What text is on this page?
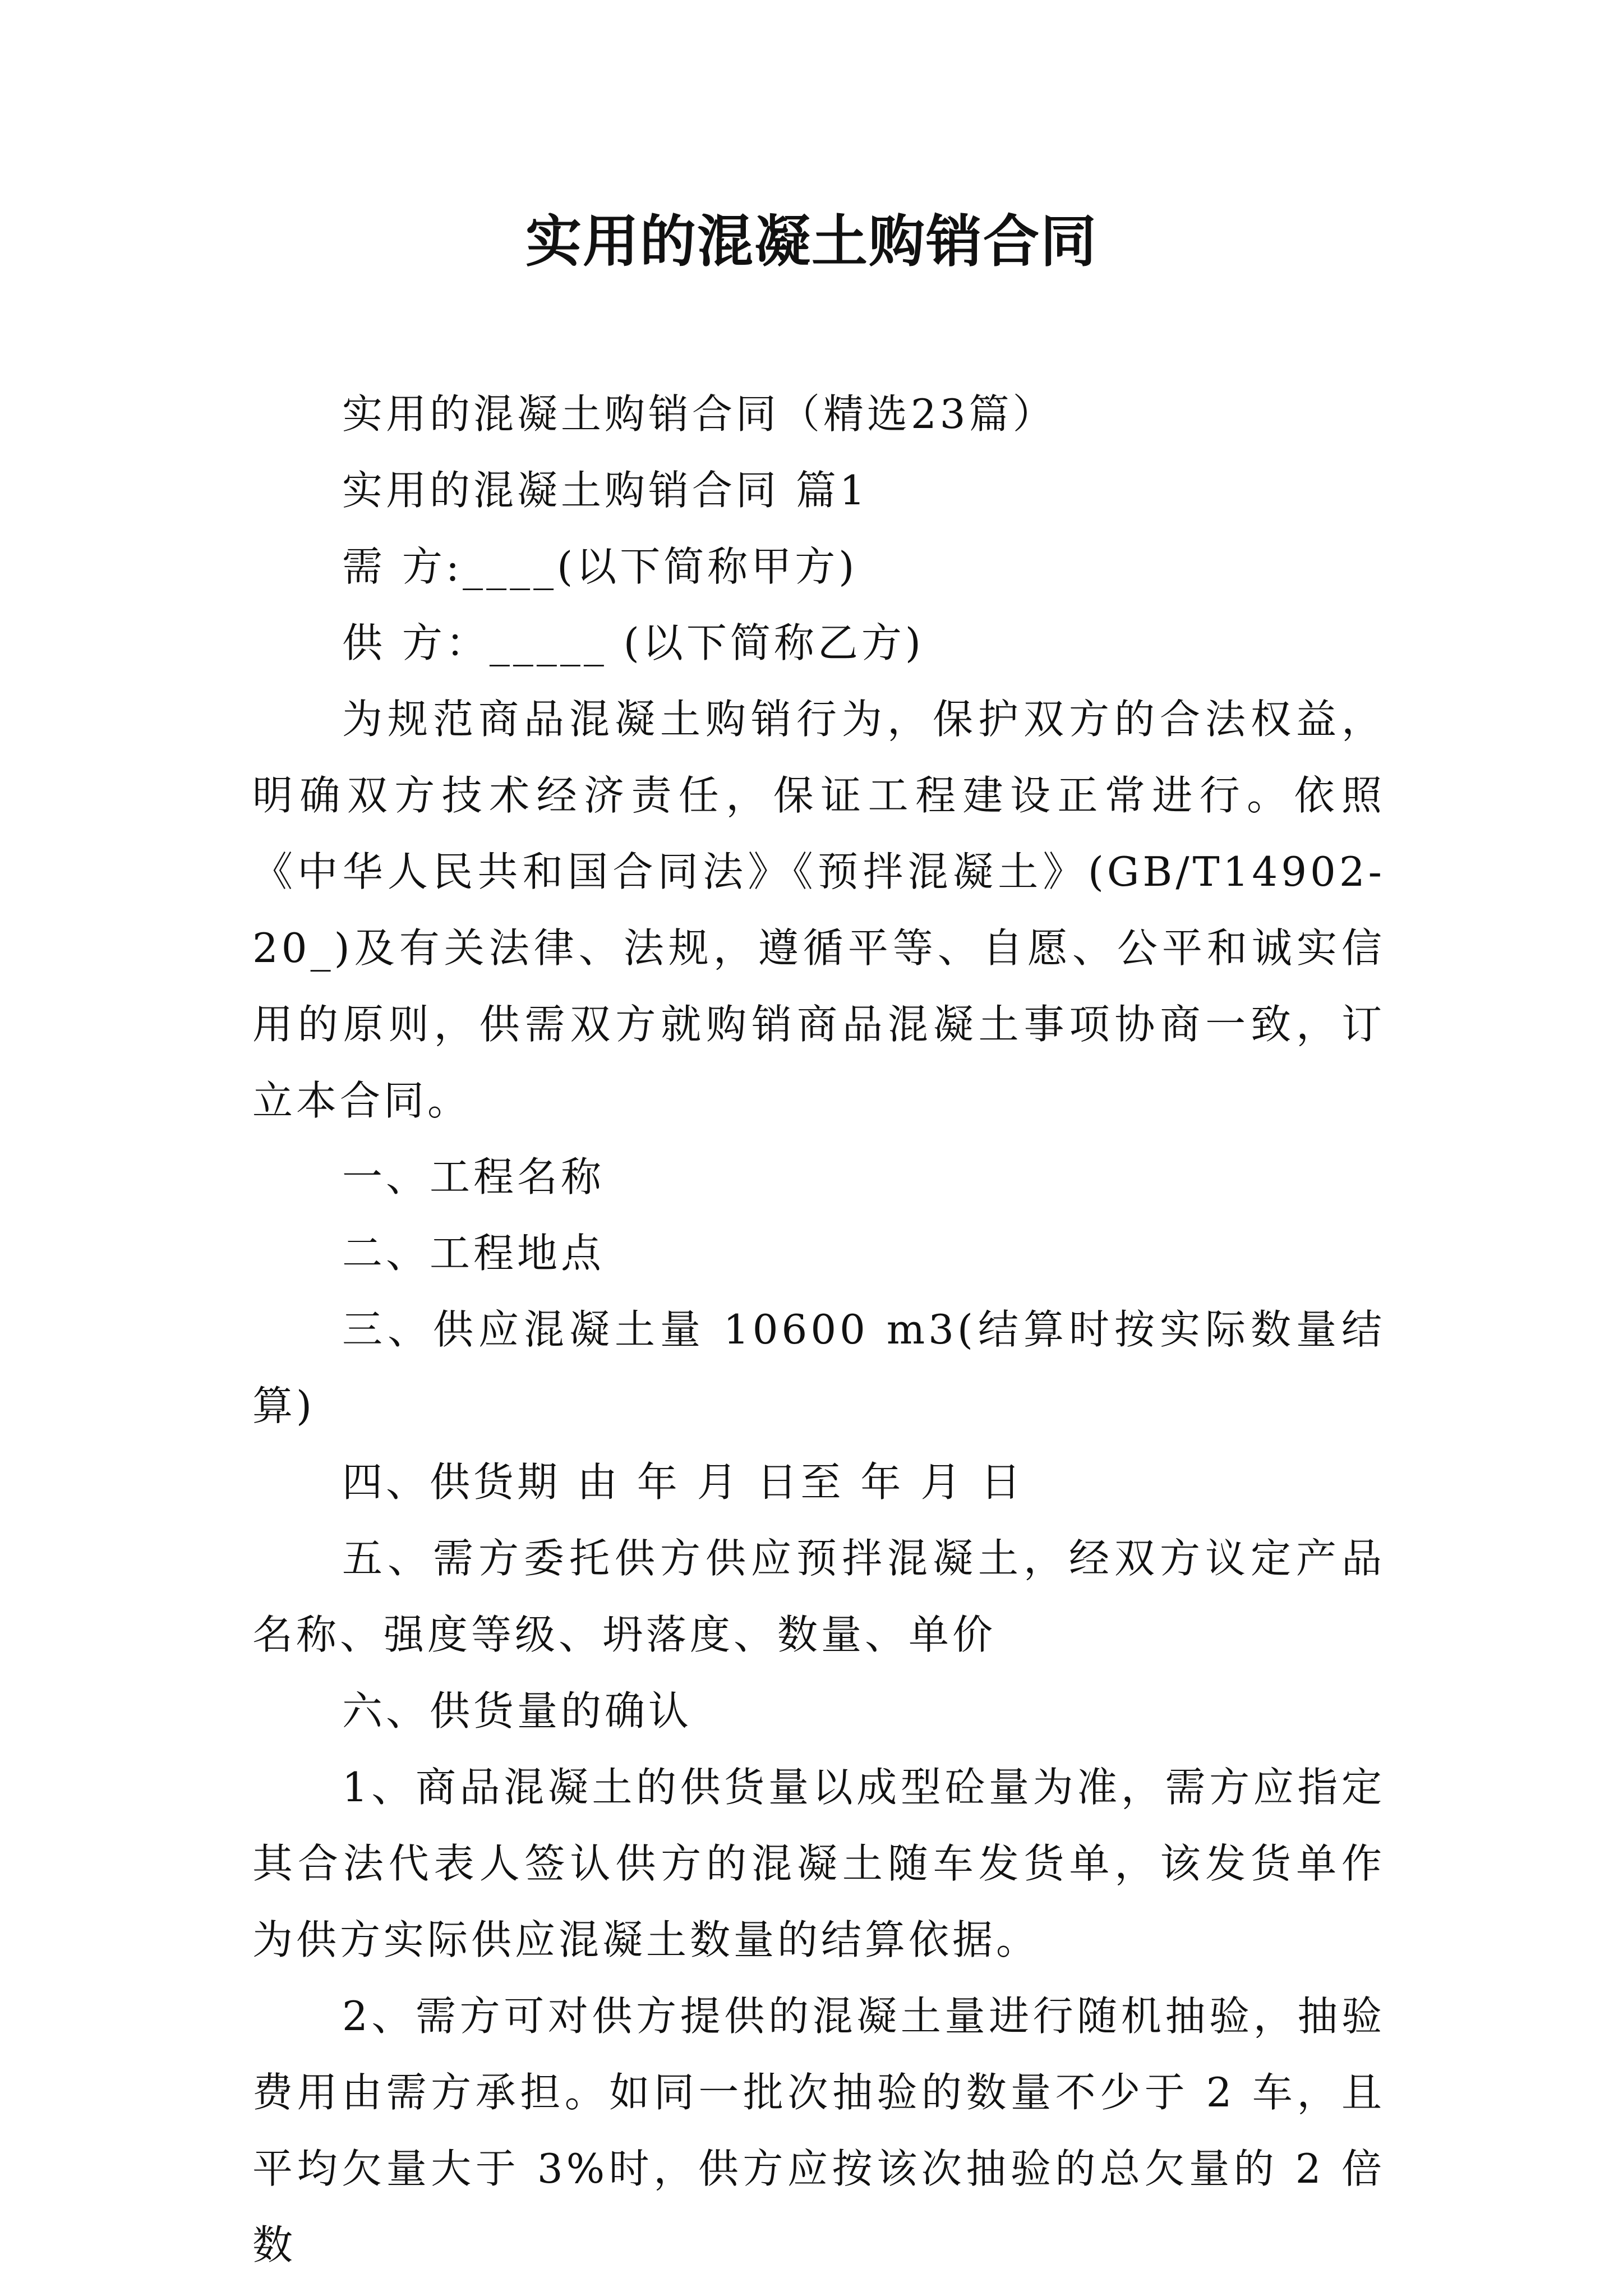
实用的混凝土购销合同

实用的混凝土购销合同（精选23篇）

实用的混凝土购销合同 篇1

需 方:____(以下简称甲方)

供 方：_____ (以下简称乙方)

为规范商品混凝土购销行为，保护双方的合法权益，明确双方技术经济责任，保证工程建设正常进行。依照《中华人民共和国合同法》《预拌混凝土》(GB/T14902-20_)及有关法律、法规，遵循平等、自愿、公平和诚实信用的原则，供需双方就购销商品混凝土事项协商一致，订立本合同。

一、工程名称

二、工程地点

三、供应混凝土量 10600 m3(结算时按实际数量结算)

四、供货期 由 年 月 日至 年 月 日

五、需方委托供方供应预拌混凝土，经双方议定产品名称、强度等级、坍落度、数量、单价

六、供货量的确认

1、商品混凝土的供货量以成型砼量为准，需方应指定其合法代表人签认供方的混凝土随车发货单，该发货单作为供方实际供应混凝土数量的结算依据。

2、需方可对供方提供的混凝土量进行随机抽验，抽验费用由需方承担。如同一批次抽验的数量不少于 2 车，且平均欠量大于 3%时，供方应按该次抽验的总欠量的 2 倍数
